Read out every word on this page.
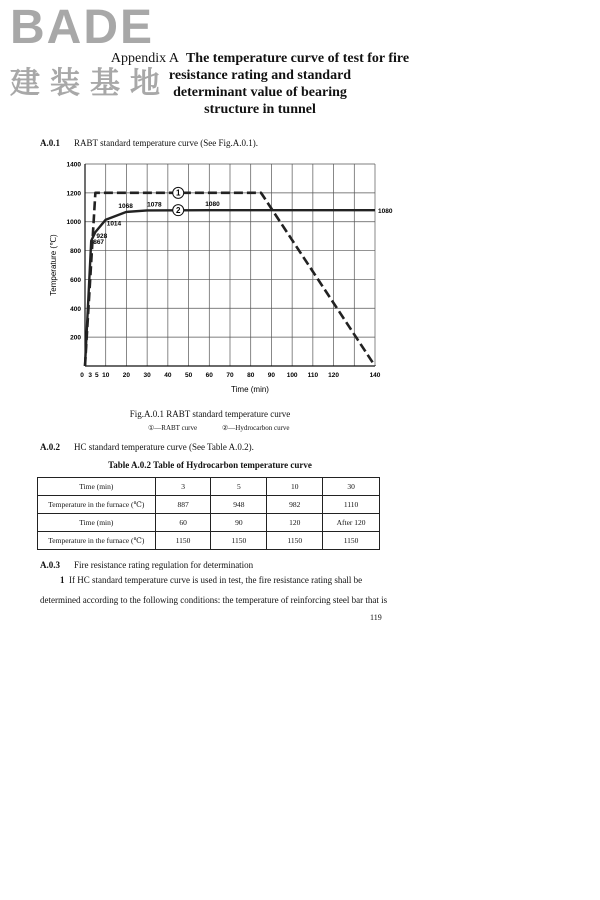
BADE
建装基地
Appendix A The temperature curve of test for fire
resistance rating and standard
determinant value of bearing
structure in tunnel
A.0.1 RABT standard temperature curve (See Fig.A.0.1).
200
400
600
800
1000
1200
1400
0 3 5 10 20 30 40 50 60 70 80 90 100 110 120	140
1
2
867
928
1014
1068 1078	1080
1080
Time (min)
Temperature (℃)
Fig.A.0.1 RABT standard temperature curve
①—RABT curve	②—Hydrocarbon curve
A.0.2 HC standard temperature curve (See Table A.0.2).
Table A.0.2 Table of Hydrocarbon temperature curve
Time (min)	3	5	10	30
Temperature in the furnace (℃)	887	948	982	1110
Time (min)	60	90	120	After 120
Temperature in the furnace (℃)	1150	1150	1150	1150
A.0.3 Fire resistance rating regulation for determination
1 If HC standard temperature curve is used in test, the fire resistance rating shall be
determined according to the following conditions: the temperature of reinforcing steel bar that is
119
